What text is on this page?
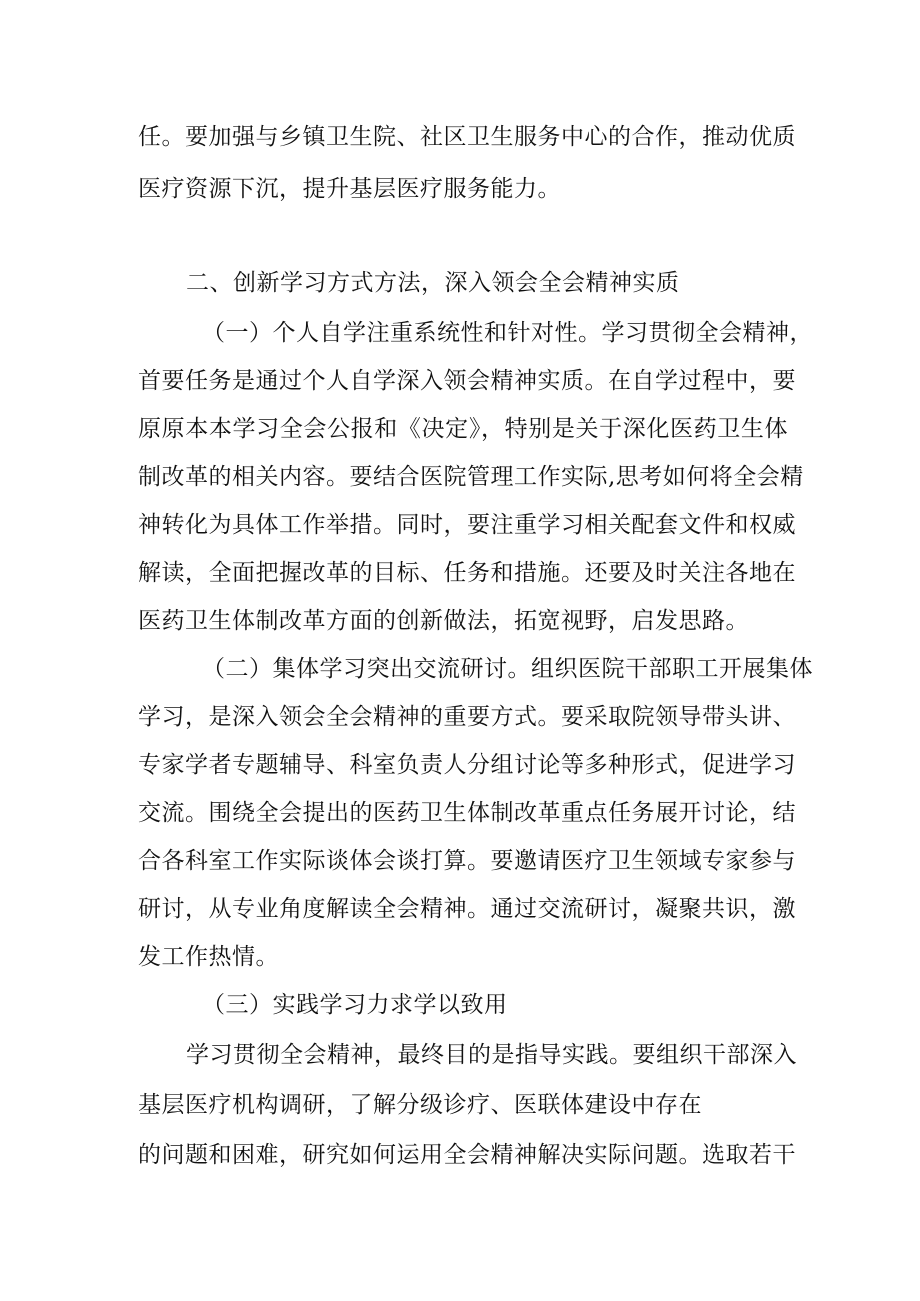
任。要加强与乡镇卫生院、社区卫生服务中心的合作，推动优质
医疗资源下沉，提升基层医疗服务能力。
二、创新学习方式方法，深入领会全会精神实质
（一）个人自学注重系统性和针对性。学习贯彻全会精神，
首要任务是通过个人自学深入领会精神实质。在自学过程中，要
原原本本学习全会公报和《决定》，特别是关于深化医药卫生体
制改革的相关内容。要结合医院管理工作实际,思考如何将全会精
神转化为具体工作举措。同时，要注重学习相关配套文件和权威
解读，全面把握改革的目标、任务和措施。还要及时关注各地在
医药卫生体制改革方面的创新做法，拓宽视野，启发思路。
（二）集体学习突出交流研讨。组织医院干部职工开展集体
学习，是深入领会全会精神的重要方式。要采取院领导带头讲、
专家学者专题辅导、科室负责人分组讨论等多种形式，促进学习
交流。围绕全会提出的医药卫生体制改革重点任务展开讨论，结
合各科室工作实际谈体会谈打算。要邀请医疗卫生领域专家参与
研讨，从专业角度解读全会精神。通过交流研讨，凝聚共识，激
发工作热情。
（三）实践学习力求学以致用
学习贯彻全会精神，最终目的是指导实践。要组织干部深入
基层医疗机构调研，了解分级诊疗、医联体建设中存在
的问题和困难，研究如何运用全会精神解决实际问题。选取若干
